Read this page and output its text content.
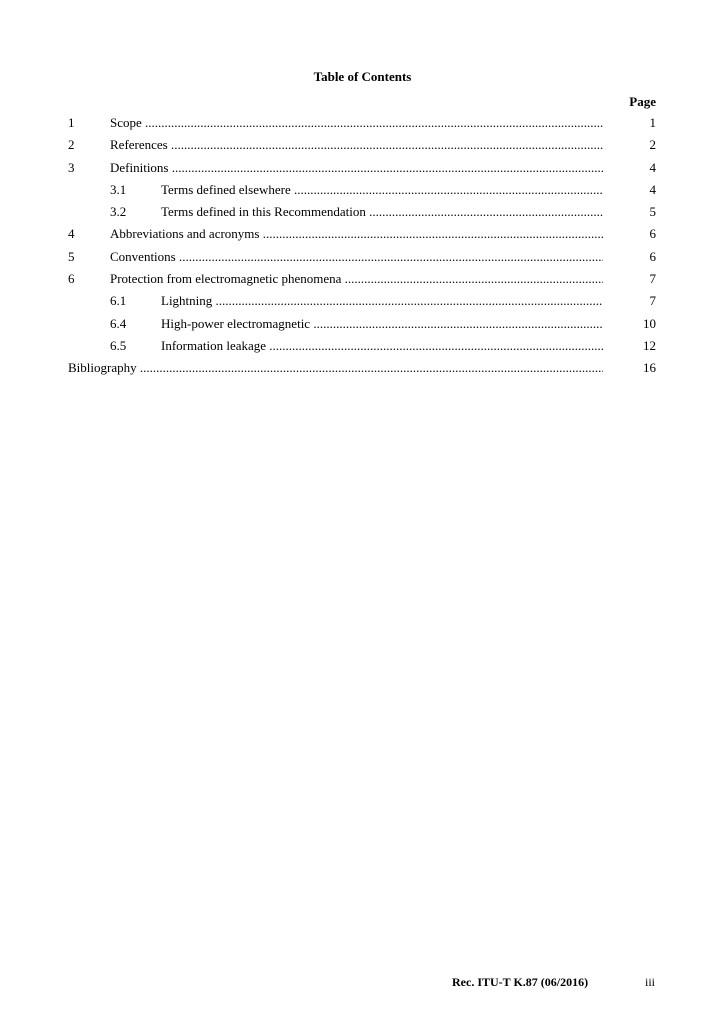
Table of Contents
Page
1	Scope .....	1
2	References .....	2
3	Definitions .....	4
3.1	Terms defined elsewhere .....	4
3.2	Terms defined in this Recommendation .....	5
4	Abbreviations and acronyms .....	6
5	Conventions .....	6
6	Protection from electromagnetic phenomena .....	7
6.1	Lightning .....	7
6.4	High-power electromagnetic .....	10
6.5	Information leakage .....	12
Bibliography .....	16
Rec. ITU-T K.87 (06/2016)	iii
